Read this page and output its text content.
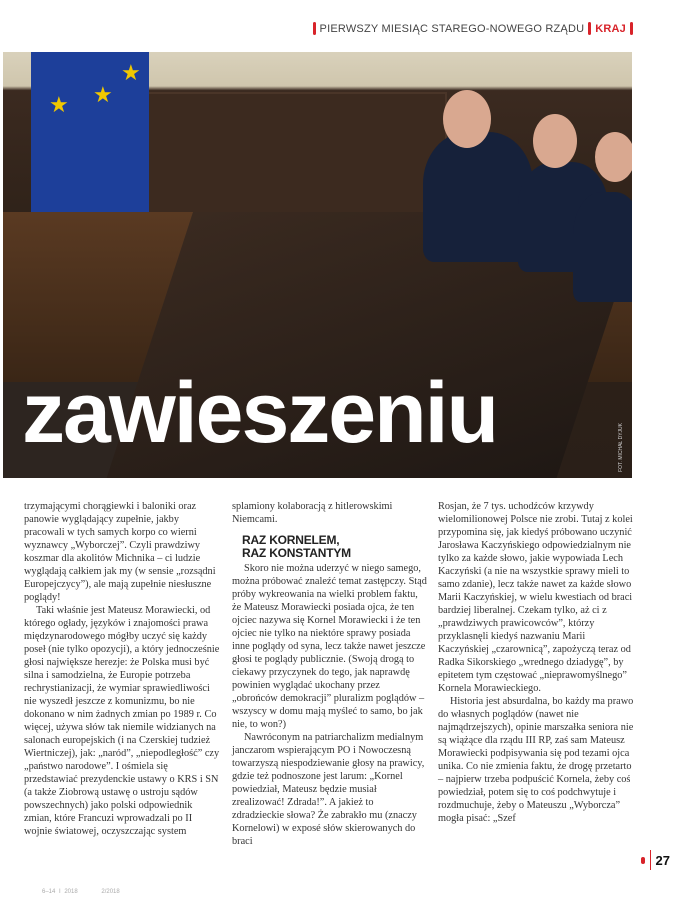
PIERWSZY MIESIĄC STAREGO-NOWEGO RZĄDU KRAJ
★ ★
★
FOT. MICHAŁ DYJUK
zawieszeniu

trzymającymi chorągiewki i baloniki oraz panowie wyglądający zupełnie, jakby pracowali w tych samych korpo co wierni wyznawcy „Wyborczej”. Czyli prawdziwy koszmar dla akolitów Michnika – ci ludzie wyglądają całkiem jak my (w sensie „rozsądni Europejczycy”), ale mają zupełnie niesłuszne poglądy!

Taki właśnie jest Mateusz Morawiecki, od którego ogłady, języków i znajomości prawa międzynarodowego mógłby uczyć się każdy poseł (nie tylko opozycji), a który jednocześnie głosi największe herezje: że Polska musi być silna i samodzielna, że Europie potrzeba rechrystianizacji, że wymiar sprawiedliwości nie wyszedł jeszcze z komunizmu, bo nie dokonano w nim żadnych zmian po 1989 r. Co więcej, używa słów tak niemile widzianych na salonach europejskich (i na Czerskiej tudzież Wiertniczej), jak: „naród”, „niepodległość” czy „państwo narodowe”. I ośmiela się przedstawiać prezydenckie ustawy o KRS i SN (a także Ziobrową ustawę o ustroju sądów powszechnych) jako polski odpowiednik zmian, które Francuzi wprowadzali po II wojnie światowej, oczyszczając system

splamiony kolaboracją z hitlerowskimi Niemcami.

RAZ KORNELEM,
RAZ KONSTANTYM

Skoro nie można uderzyć w niego samego, można próbować znaleźć temat zastępczy. Stąd próby wykreowania na wielki problem faktu, że Mateusz Morawiecki posiada ojca, że ten ojciec nazywa się Kornel Morawiecki i że ten ojciec nie tylko na niektóre sprawy posiada inne poglądy od syna, lecz także nawet jeszcze głosi te poglądy publicznie. (Swoją drogą to ciekawy przyczynek do tego, jak naprawdę powinien wyglądać ukochany przez „obrońców demokracji” pluralizm poglądów – wszyscy w domu mają myśleć to samo, bo jak nie, to won?)

Nawróconym na patriarchalizm medialnym janczarom wspierającym PO i Nowoczesną towarzyszą niespodziewanie głosy na prawicy, gdzie też podnoszone jest larum: „Kornel powiedział, Mateusz będzie musiał zrealizować! Zdrada!”. A jakież to zdradzieckie słowa? Że zabrakło mu (znaczy Kornelowi) w exposé słów skierowanych do braci

Rosjan, że 7 tys. uchodźców krzywdy wielomilionowej Polsce nie zrobi. Tutaj z kolei przypomina się, jak kiedyś próbowano uczynić Jarosława Kaczyńskiego odpowiedzialnym nie tylko za każde słowo, jakie wypowiada Lech Kaczyński (a nie na wszystkie sprawy mieli to samo zdanie), lecz także nawet za każde słowo Marii Kaczyńskiej, w wielu kwestiach od braci bardziej liberalnej. Czekam tylko, aż ci z „prawdziwych prawicowców”, którzy przyklasnęli kiedyś nazwaniu Marii Kaczyńskiej „czarownicą”, zapożyczą teraz od Radka Sikorskiego „wrednego dziadygę”, by epitetem tym częstować „nieprawomyślnego” Kornela Morawieckiego.

Historia jest absurdalna, bo każdy ma prawo do własnych poglądów (nawet nie najmądrzejszych), opinie marszałka seniora nie są wiążące dla rządu III RP, zaś sam Mateusz Morawiecki podpisywania się pod tezami ojca unika. Co nie zmienia faktu, że drogę przetarto – najpierw trzeba podpuścić Kornela, żeby coś powiedział, potem się to coś podchwytuje i rozdmuchuje, żeby o Mateuszu „Wyborcza” mogła pisać: „Szef

6–14 I 2018	2/2018
27
